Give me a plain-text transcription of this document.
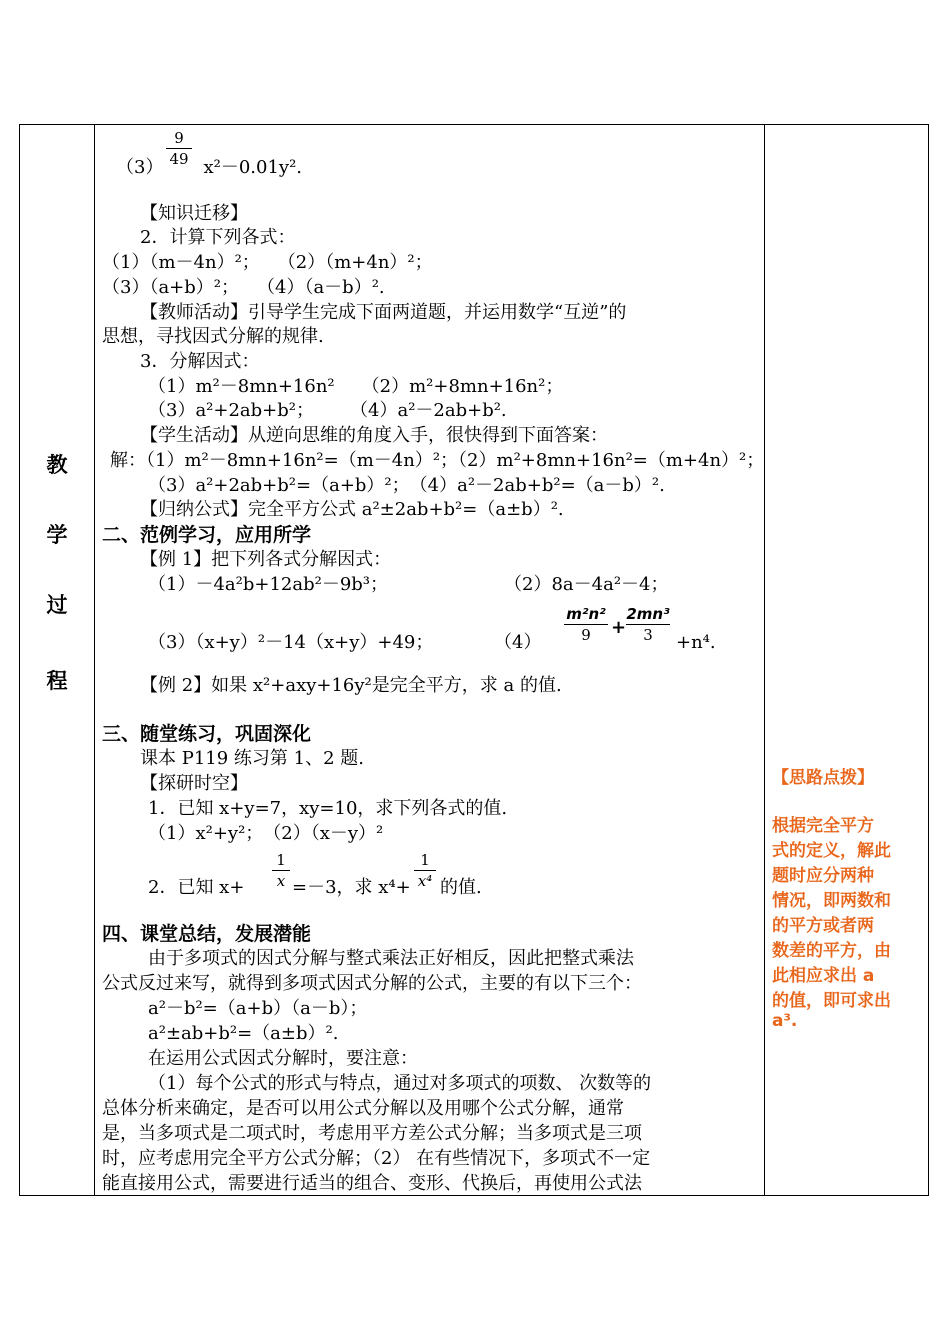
教
学
过
程
9
49
（3） x²－0.01y².
【知识迁移】
2．计算下列各式：
（1）（m－4n）²；　　（2）（m+4n）²；
（3）（a+b）²；　　（4）（a－b）².
【教师活动】引导学生完成下面两道题，并运用数学“互逆”的
思想，寻找因式分解的规律.
3．分解因式：
（1）m²－8mn+16n²　　（2）m²+8mn+16n²；
（3）a²+2ab+b²；　　　（4）a²－2ab+b².
【学生活动】从逆向思维的角度入手，很快得到下面答案：
解：（1）m²－8mn+16n²=（m－4n）²；（2）m²+8mn+16n²=（m+4n）²；
（3）a²+2ab+b²=（a+b）²；　（4）a²－2ab+b²=（a－b）².
【归纳公式】完全平方公式 a²±2ab+b²=（a±b）².
二、范例学习，应用所学
【例 1】把下列各式分解因式：
（1）－4a²b+12ab²－9b³；	（2）8a－4a²－4；
（3）（x+y）²－14（x+y）+49；	（4）
m²n²
9	+
2mn³
3	+n⁴.
【例 2】如果 x²+axy+16y²是完全平方，求 a 的值.
三、随堂练习，巩固深化
课本 P119 练习第 1、2 题.
【探研时空】
1．已知 x+y=7，xy=10，求下列各式的值.
（1）x²+y²；　（2）（x－y）²
2．已知 x+
1
x =－3，求 x⁴+
1
x⁴ 的值.
四、课堂总结，发展潜能
由于多项式的因式分解与整式乘法正好相反，因此把整式乘法
公式反过来写，就得到多项式因式分解的公式，主要的有以下三个：
a²－b²=（a+b）（a－b）；
a²±ab+b²=（a±b）².
在运用公式因式分解时，要注意：
（1）每个公式的形式与特点，通过对多项式的项数、 次数等的
总体分析来确定，是否可以用公式分解以及用哪个公式分解，通常
是，当多项式是二项式时，考虑用平方差公式分解；当多项式是三项
时，应考虑用完全平方公式分解；（2） 在有些情况下，多项式不一定
能直接用公式，需要进行适当的组合、变形、代换后，再使用公式法
【思路点拨】
根据完全平方
式的定义，解此
题时应分两种
情况，即两数和
的平方或者两
数差的平方，由
此相应求出 a
的值，即可求出
a³.
